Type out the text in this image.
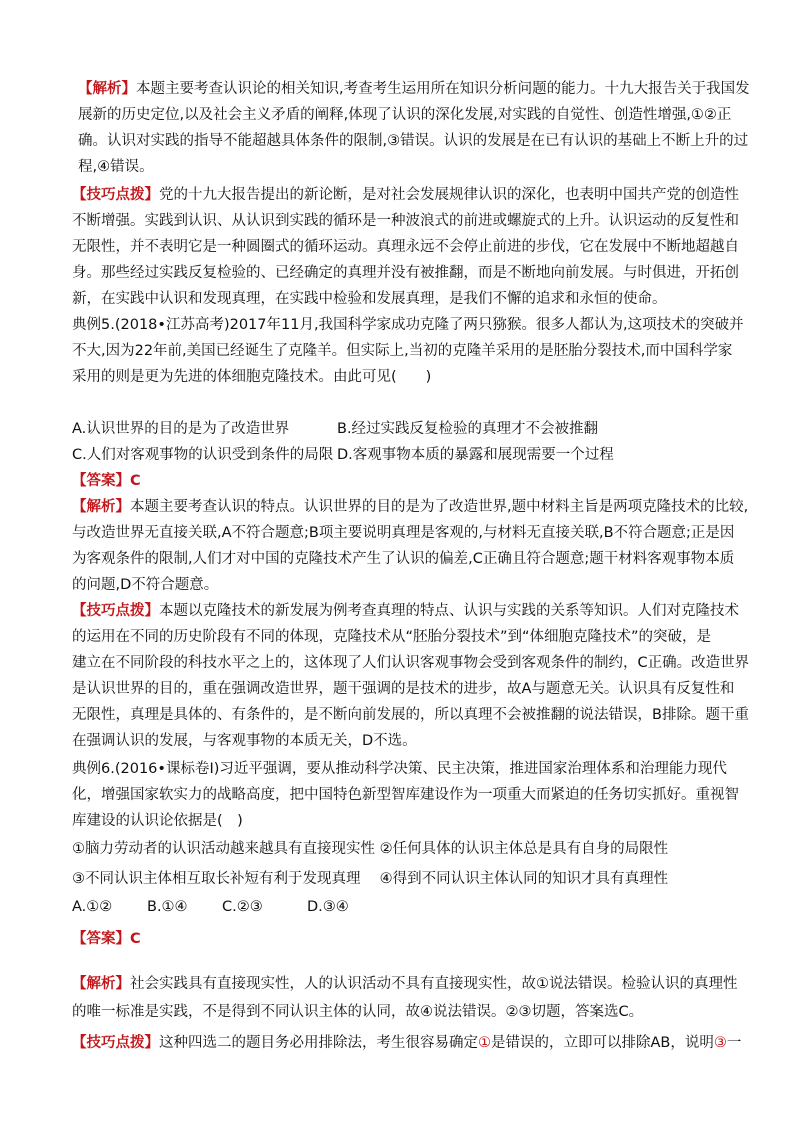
【解析】本题主要考查认识论的相关知识,考查考生运用所在知识分析问题的能力。十九大报告关于我国发
展新的历史定位,以及社会主义矛盾的阐释,体现了认识的深化发展,对实践的自觉性、创造性增强,①②正
确。认识对实践的指导不能超越具体条件的限制,③错误。认识的发展是在已有认识的基础上不断上升的过
程,④错误。
【技巧点拨】党的十九大报告提出的新论断，是对社会发展规律认识的深化，也表明中国共产党的创造性
不断增强。实践到认识、从认识到实践的循环是一种波浪式的前进或螺旋式的上升。认识运动的反复性和
无限性，并不表明它是一种圆圈式的循环运动。真理永远不会停止前进的步伐，它在发展中不断地超越自
身。那些经过实践反复检验的、已经确定的真理并没有被推翻，而是不断地向前发展。与时俱进，开拓创
新，在实践中认识和发现真理，在实践中检验和发展真理，是我们不懈的追求和永恒的使命。
典例5.(2018•江苏高考)2017年11月,我国科学家成功克隆了两只猕猴。很多人都认为,这项技术的突破并
不大,因为22年前,美国已经诞生了克隆羊。但实际上,当初的克隆羊采用的是胚胎分裂技术,而中国科学家
采用的则是更为先进的体细胞克隆技术。由此可见(　　)
A.认识世界的目的是为了改造世界	B.经过实践反复检验的真理才不会被推翻
C.人们对客观事物的认识受到条件的局限 D.客观事物本质的暴露和展现需要一个过程
【答案】C
【解析】本题主要考查认识的特点。认识世界的目的是为了改造世界,题中材料主旨是两项克隆技术的比较,
与改造世界无直接关联,A不符合题意;B项主要说明真理是客观的,与材料无直接关联,B不符合题意;正是因
为客观条件的限制,人们才对中国的克隆技术产生了认识的偏差,C正确且符合题意;题干材料客观事物本质
的问题,D不符合题意。
【技巧点拨】本题以克隆技术的新发展为例考查真理的特点、认识与实践的关系等知识。人们对克隆技术
的运用在不同的历史阶段有不同的体现，克隆技术从“胚胎分裂技术”到“体细胞克隆技术”的突破，是
建立在不同阶段的科技水平之上的，这体现了人们认识客观事物会受到客观条件的制约，C正确。改造世界
是认识世界的目的，重在强调改造世界，题干强调的是技术的进步，故A与题意无关。认识具有反复性和
无限性，真理是具体的、有条件的，是不断向前发展的，所以真理不会被推翻的说法错误，B排除。题干重
在强调认识的发展，与客观事物的本质无关，D不选。
典例6.(2016•课标卷Ⅰ)习近平强调，要从推动科学决策、民主决策，推进国家治理体系和治理能力现代
化，增强国家软实力的战略高度，把中国特色新型智库建设作为一项重大而紧迫的任务切实抓好。重视智
库建设的认识论依据是(　)
①脑力劳动者的认识活动越来越具有直接现实性 ②任何具体的认识主体总是具有自身的局限性
③不同认识主体相互取长补短有利于发现真理　 ④得到不同认识主体认同的知识才具有真理性
A.①② B.①④ C.②③	D.③④
【答案】C
【解析】社会实践具有直接现实性，人的认识活动不具有直接现实性，故①说法错误。检验认识的真理性
的唯一标准是实践，不是得到不同认识主体的认同，故④说法错误。②③切题，答案选C。
【技巧点拨】这种四选二的题目务必用排除法，考生很容易确定①是错误的，立即可以排除AB，说明③一
